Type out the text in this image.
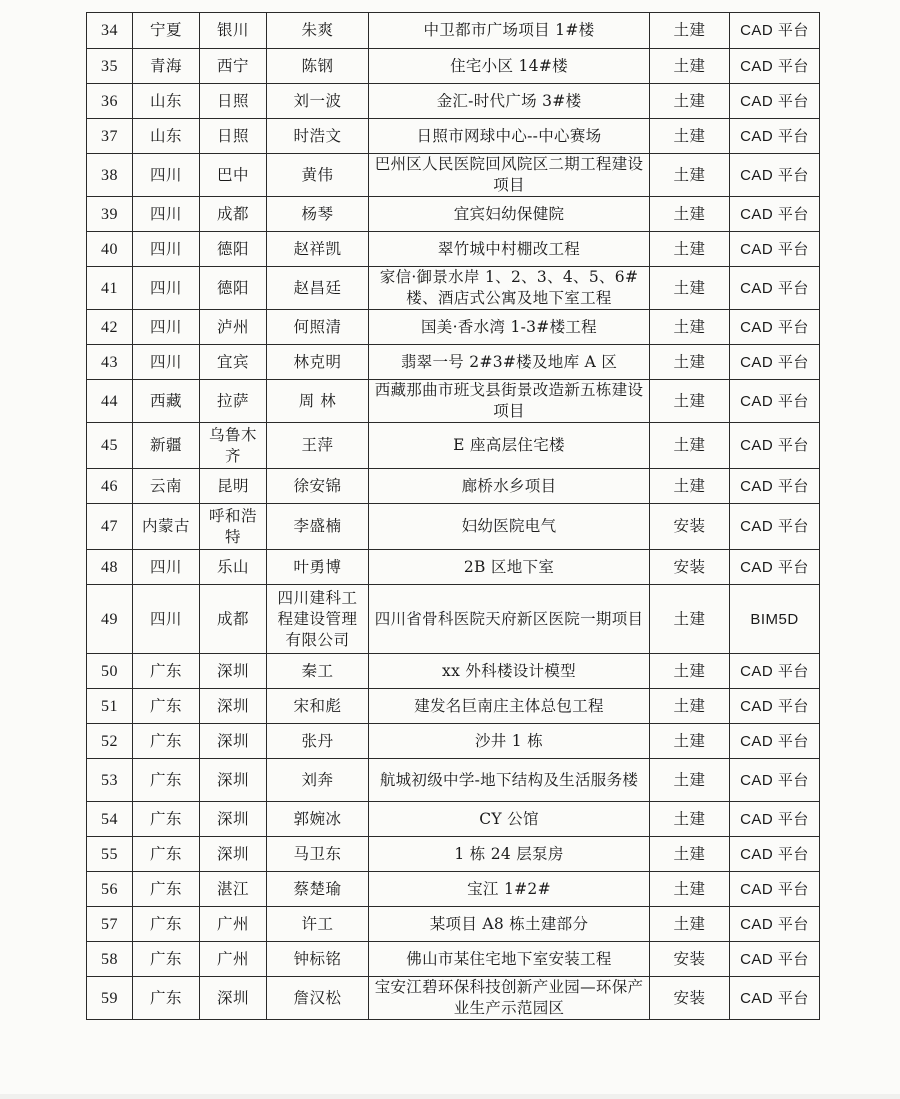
34	宁夏	银川	朱爽	中卫都市广场项目 1#楼	土建	CAD 平台
35	青海	西宁	陈钢	住宅小区 14#楼	土建	CAD 平台
36	山东	日照	刘一波	金汇-时代广场 3#楼	土建	CAD 平台
37	山东	日照	时浩文	日照市网球中心--中心赛场	土建	CAD 平台
38	四川	巴中	黄伟	巴州区人民医院回风院区二期工程建设项目	土建	CAD 平台
39	四川	成都	杨琴	宜宾妇幼保健院	土建	CAD 平台
40	四川	德阳	赵祥凯	翠竹城中村棚改工程	土建	CAD 平台
41	四川	德阳	赵昌廷	家信·御景水岸 1、2、3、4、5、6#楼、酒店式公寓及地下室工程	土建	CAD 平台
42	四川	泸州	何照清	国美·香水湾 1-3#楼工程	土建	CAD 平台
43	四川	宜宾	林克明	翡翠一号 2#3#楼及地库 A 区	土建	CAD 平台
44	西藏	拉萨	周 林	西藏那曲市班戈县街景改造新五栋建设项目	土建	CAD 平台
45	新疆	乌鲁木齐	王萍	E 座高层住宅楼	土建	CAD 平台
46	云南	昆明	徐安锦	廊桥水乡项目	土建	CAD 平台
47	内蒙古	呼和浩特	李盛楠	妇幼医院电气	安装	CAD 平台
48	四川	乐山	叶勇博	2B 区地下室	安装	CAD 平台
49	四川	成都	四川建科工程建设管理有限公司	四川省骨科医院天府新区医院一期项目	土建	BIM5D
50	广东	深圳	秦工	xx 外科楼设计模型	土建	CAD 平台
51	广东	深圳	宋和彪	建发名巨南庄主体总包工程	土建	CAD 平台
52	广东	深圳	张丹	沙井 1 栋	土建	CAD 平台
53	广东	深圳	刘奔	航城初级中学-地下结构及生活服务楼	土建	CAD 平台
54	广东	深圳	郭婉冰	CY 公馆	土建	CAD 平台
55	广东	深圳	马卫东	1 栋 24 层泵房	土建	CAD 平台
56	广东	湛江	蔡楚瑜	宝江 1#2#	土建	CAD 平台
57	广东	广州	许工	某项目 A8 栋土建部分	土建	CAD 平台
58	广东	广州	钟标铭	佛山市某住宅地下室安装工程	安装	CAD 平台
59	广东	深圳	詹汉松	宝安江碧环保科技创新产业园—环保产业生产示范园区	安装	CAD 平台
